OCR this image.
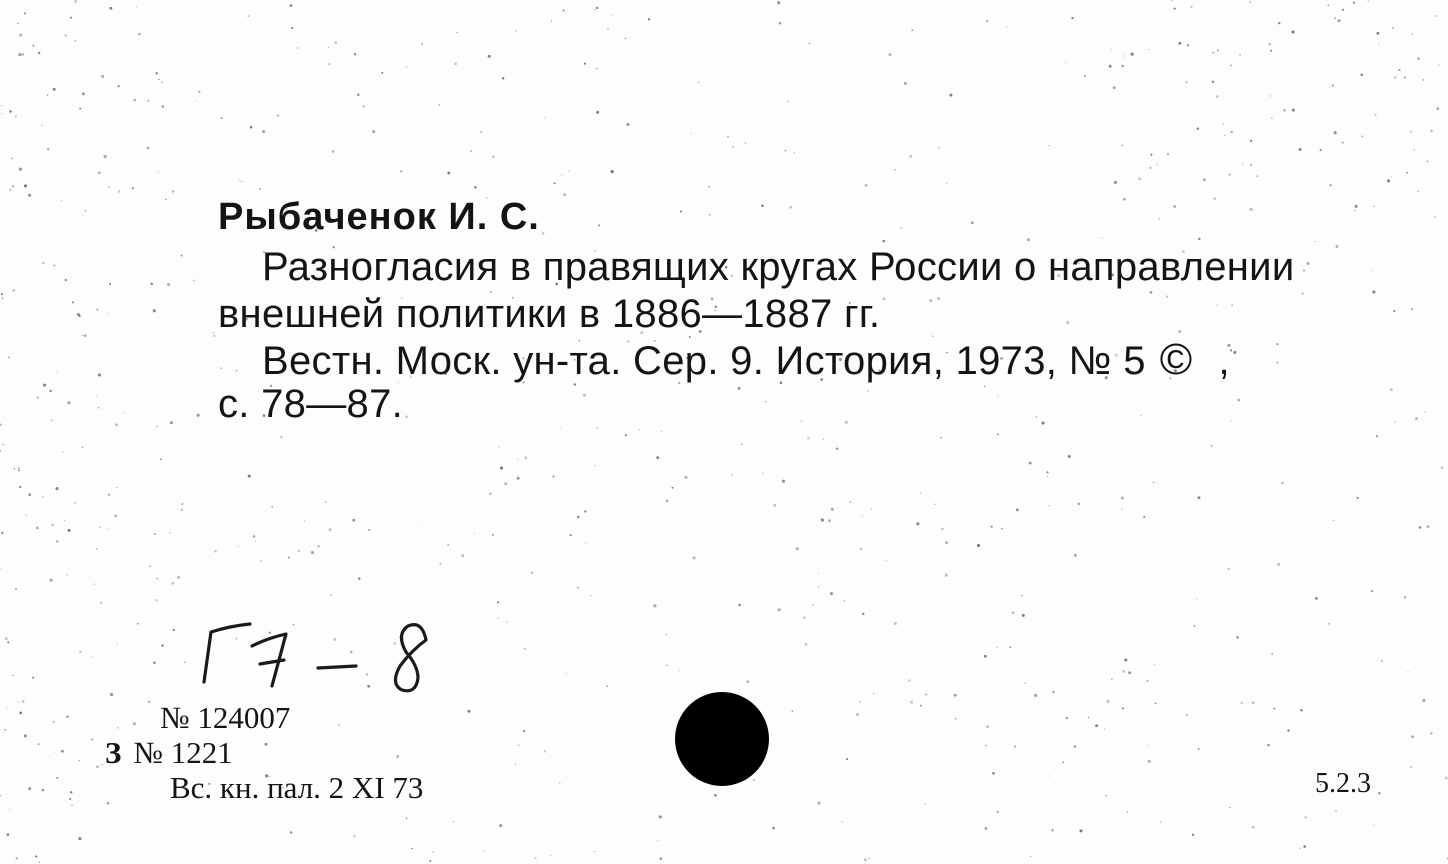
Рыбаченок И. С.
Разногласия в правящих кругах России о направлении
внешней политики в 1886—1887 гг.
Вестн. Моск. ун-та. Сер. 9. История, 1973, № 5 © ,
с. 78—87.
№ 124007
З № 1221
Вс. кн. пал. 2 XI 73	5.2.3
